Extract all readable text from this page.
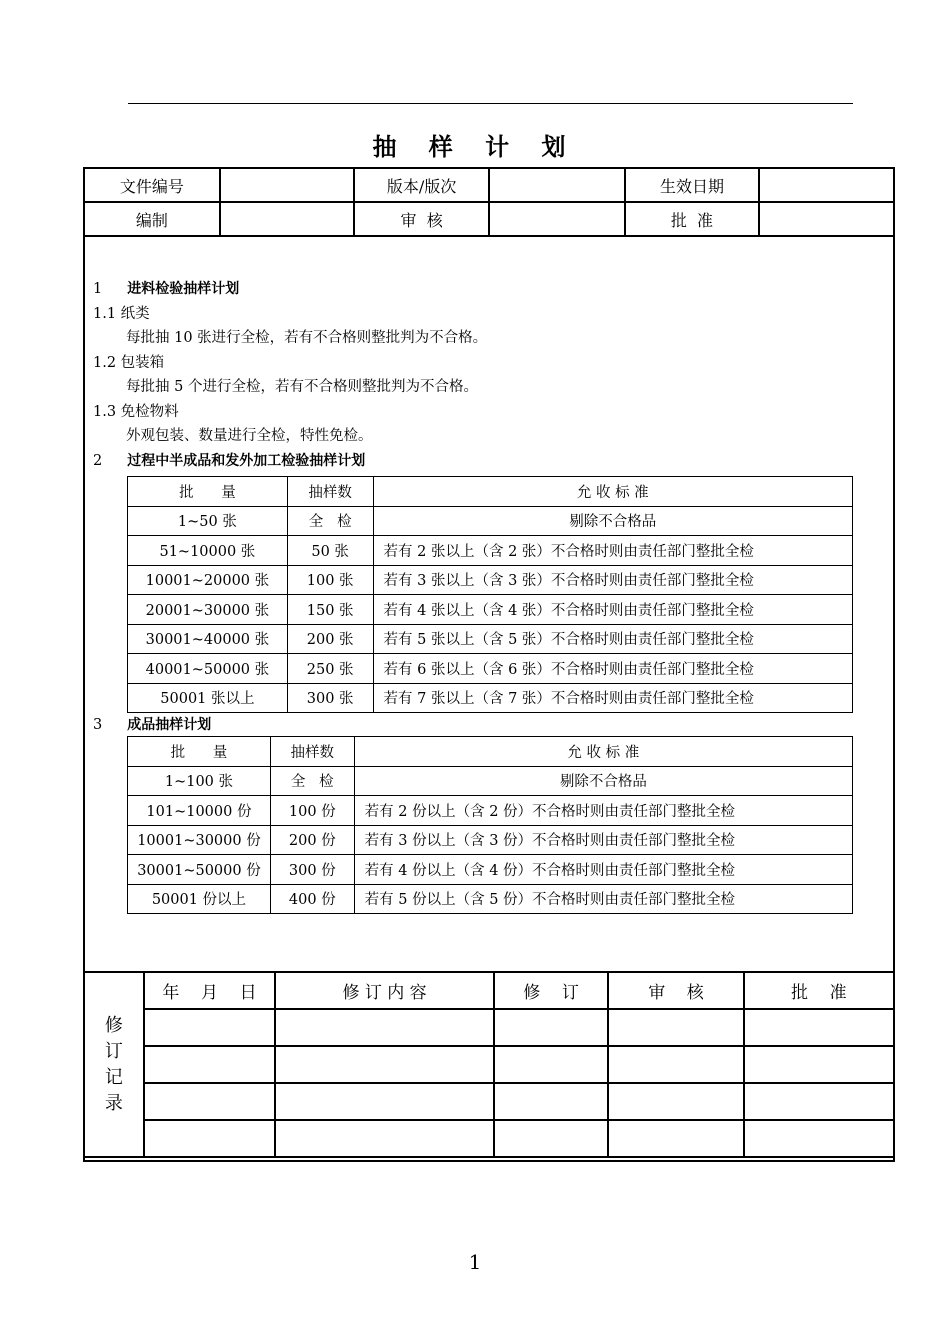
抽 样 计 划
文件编号		版本/版次		生效日期	
编制		审  核		批  准	
1 进料检验抽样计划
1.1 纸类
每批抽 10 张进行全检，若有不合格则整批判为不合格。
1.2 包装箱
每批抽 5 个进行全检，若有不合格则整批判为不合格。
1.3 免检物料
外观包装、数量进行全检，特性免检。
2 过程中半成品和发外加工检验抽样计划
批      量	抽样数	允 收 标 准
1~50 张	全   检	剔除不合格品
51~10000 张	50 张	若有 2 张以上（含 2 张）不合格时则由责任部门整批全检
10001~20000 张	100 张	若有 3 张以上（含 3 张）不合格时则由责任部门整批全检
20001~30000 张	150 张	若有 4 张以上（含 4 张）不合格时则由责任部门整批全检
30001~40000 张	200 张	若有 5 张以上（含 5 张）不合格时则由责任部门整批全检
40001~50000 张	250 张	若有 6 张以上（含 6 张）不合格时则由责任部门整批全检
50001 张以上	300 张	若有 7 张以上（含 7 张）不合格时则由责任部门整批全检
3 成品抽样计划
批      量	抽样数	允 收 标 准
1~100 张	全   检	剔除不合格品
101~10000 份	100 份	若有 2 份以上（含 2 份）不合格时则由责任部门整批全检
10001~30000 份	200 份	若有 3 份以上（含 3 份）不合格时则由责任部门整批全检
30001~50000 份	300 份	若有 4 份以上（含 4 份）不合格时则由责任部门整批全检
50001 份以上	400 份	若有 5 份以上（含 5 份）不合格时则由责任部门整批全检
修
订
记
录	年    月    日	修 订 内 容	修    订	审    核	批    准

1
